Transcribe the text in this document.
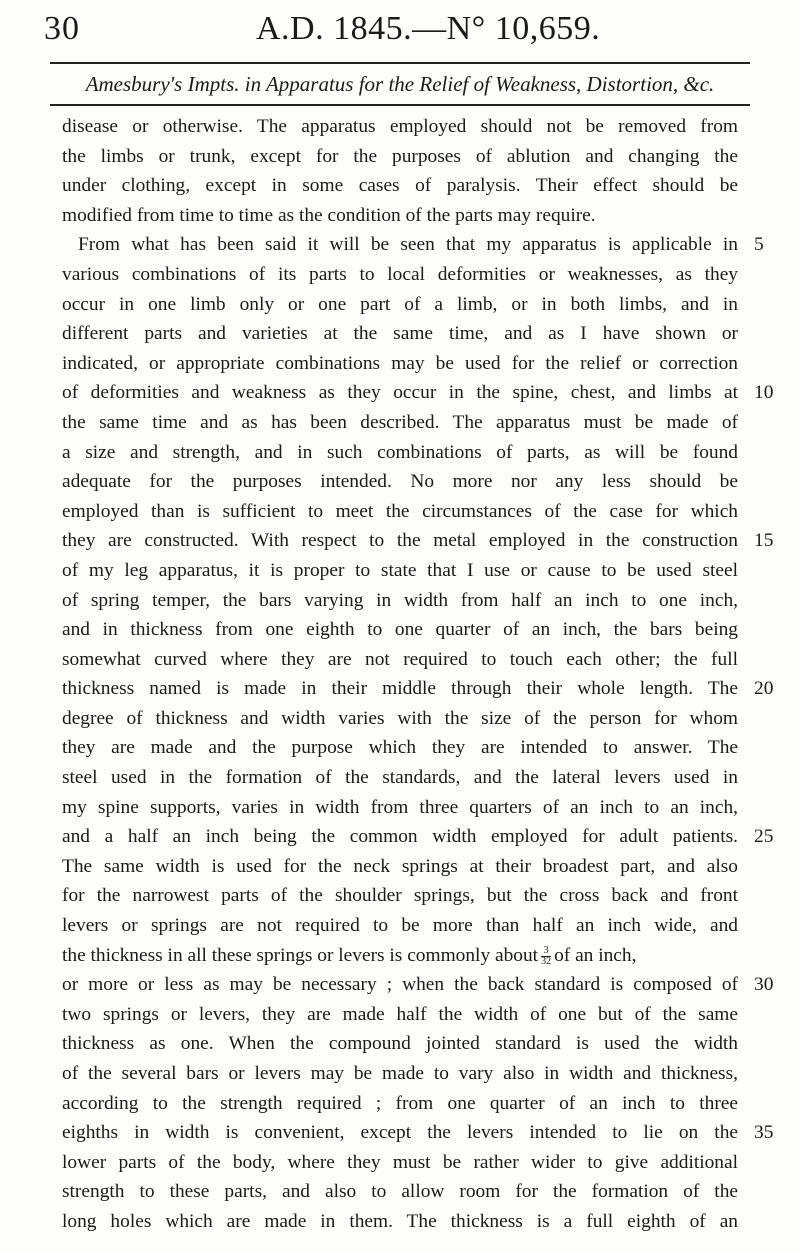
30	A.D. 1845.—N° 10,659.
Amesbury's Impts. in Apparatus for the Relief of Weakness, Distortion, &c.
disease or otherwise. The apparatus employed should not be removed from
the limbs or trunk, except for the purposes of ablution and changing the
under clothing, except in some cases of paralysis. Their effect should be
modified from time to time as the condition of the parts may require.
From what has been said it will be seen that my apparatus is applicable in
various combinations of its parts to local deformities or weaknesses, as they
occur in one limb only or one part of a limb, or in both limbs, and in
different parts and varieties at the same time, and as I have shown or
indicated, or appropriate combinations may be used for the relief or correction
of deformities and weakness as they occur in the spine, chest, and limbs at
the same time and as has been described. The apparatus must be made of
a size and strength, and in such combinations of parts, as will be found
adequate for the purposes intended. No more nor any less should be
employed than is sufficient to meet the circumstances of the case for which
they are constructed. With respect to the metal employed in the construction
of my leg apparatus, it is proper to state that I use or cause to be used steel
of spring temper, the bars varying in width from half an inch to one inch,
and in thickness from one eighth to one quarter of an inch, the bars being
somewhat curved where they are not required to touch each other; the full
thickness named is made in their middle through their whole length. The
degree of thickness and width varies with the size of the person for whom
they are made and the purpose which they are intended to answer. The
steel used in the formation of the standards, and the lateral levers used in
my spine supports, varies in width from three quarters of an inch to an inch,
and a half an inch being the common width employed for adult patients.
The same width is used for the neck springs at their broadest part, and also
for the narrowest parts of the shoulder springs, but the cross back and front
levers or springs are not required to be more than half an inch wide, and
the thickness in all these springs or levers is commonly about $\frac{3}{32}$ of an inch,
or more or less as may be necessary ; when the back standard is composed of
two springs or levers, they are made half the width of one but of the same
thickness as one. When the compound jointed standard is used the width
of the several bars or levers may be made to vary also in width and thickness,
according to the strength required ; from one quarter of an inch to three
eighths in width is convenient, except the levers intended to lie on the
lower parts of the body, where they must be rather wider to give additional
strength to these parts, and also to allow room for the formation of the
long holes which are made in them. The thickness is a full eighth of an
5
10
15
20
25
30
35
